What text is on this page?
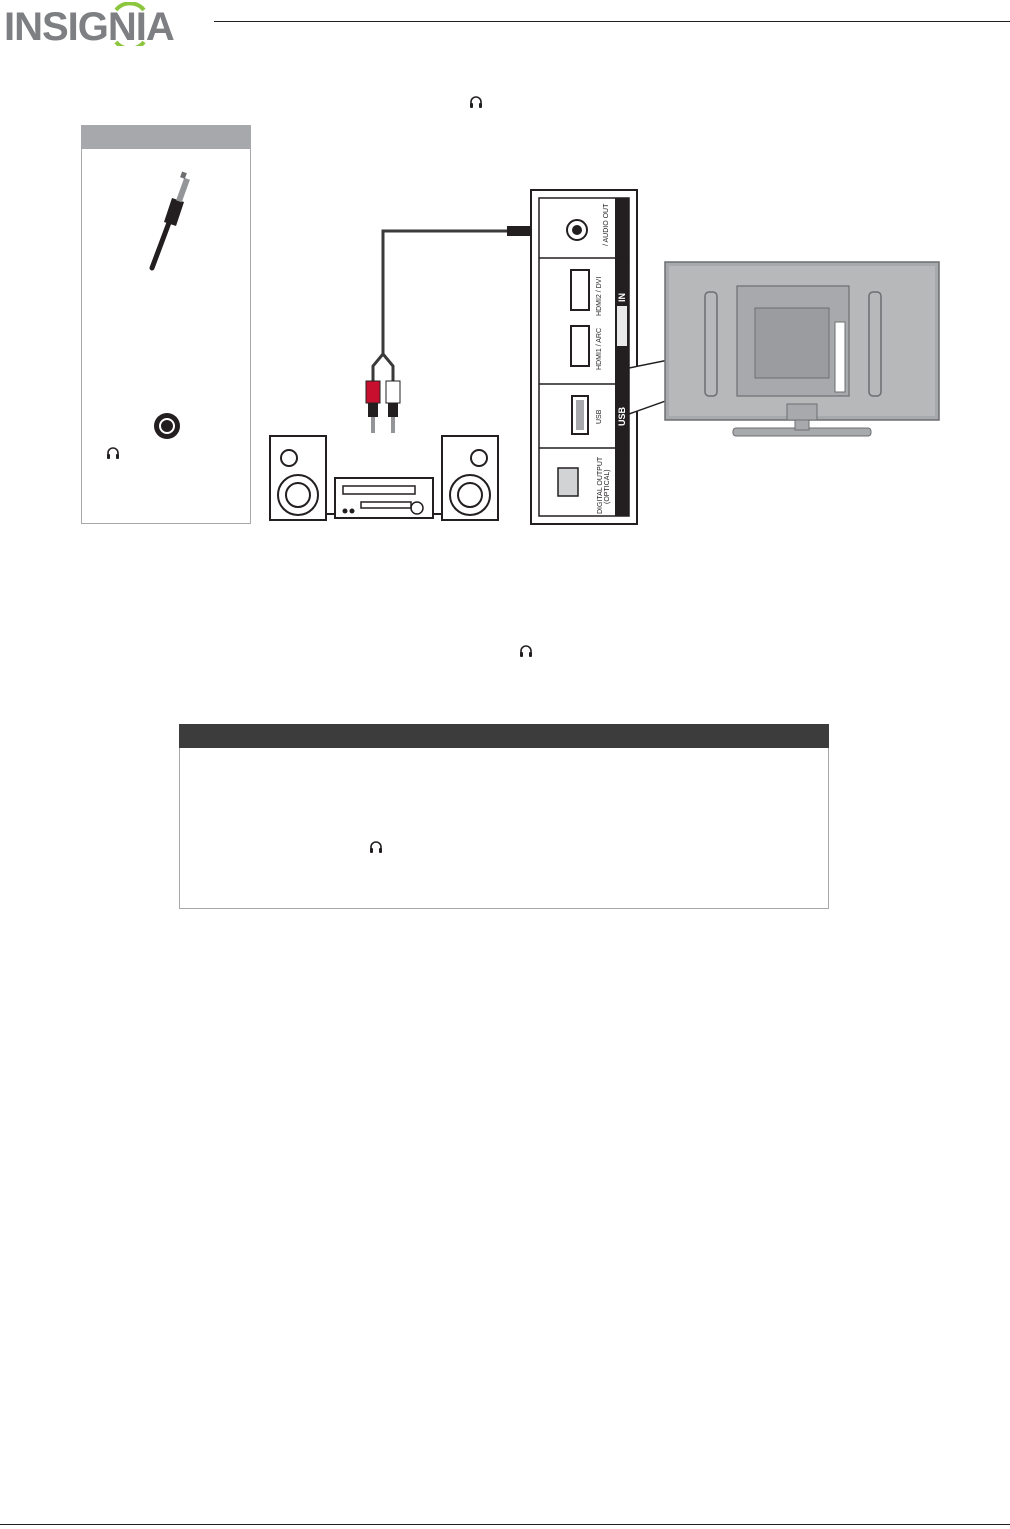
INSIGNIA
/ AUDIO OUT
HDMI2 / DVI
HDMI1 / ARC
USB
DIGITAL OUTPUT (OPTICAL)
IN
USB
